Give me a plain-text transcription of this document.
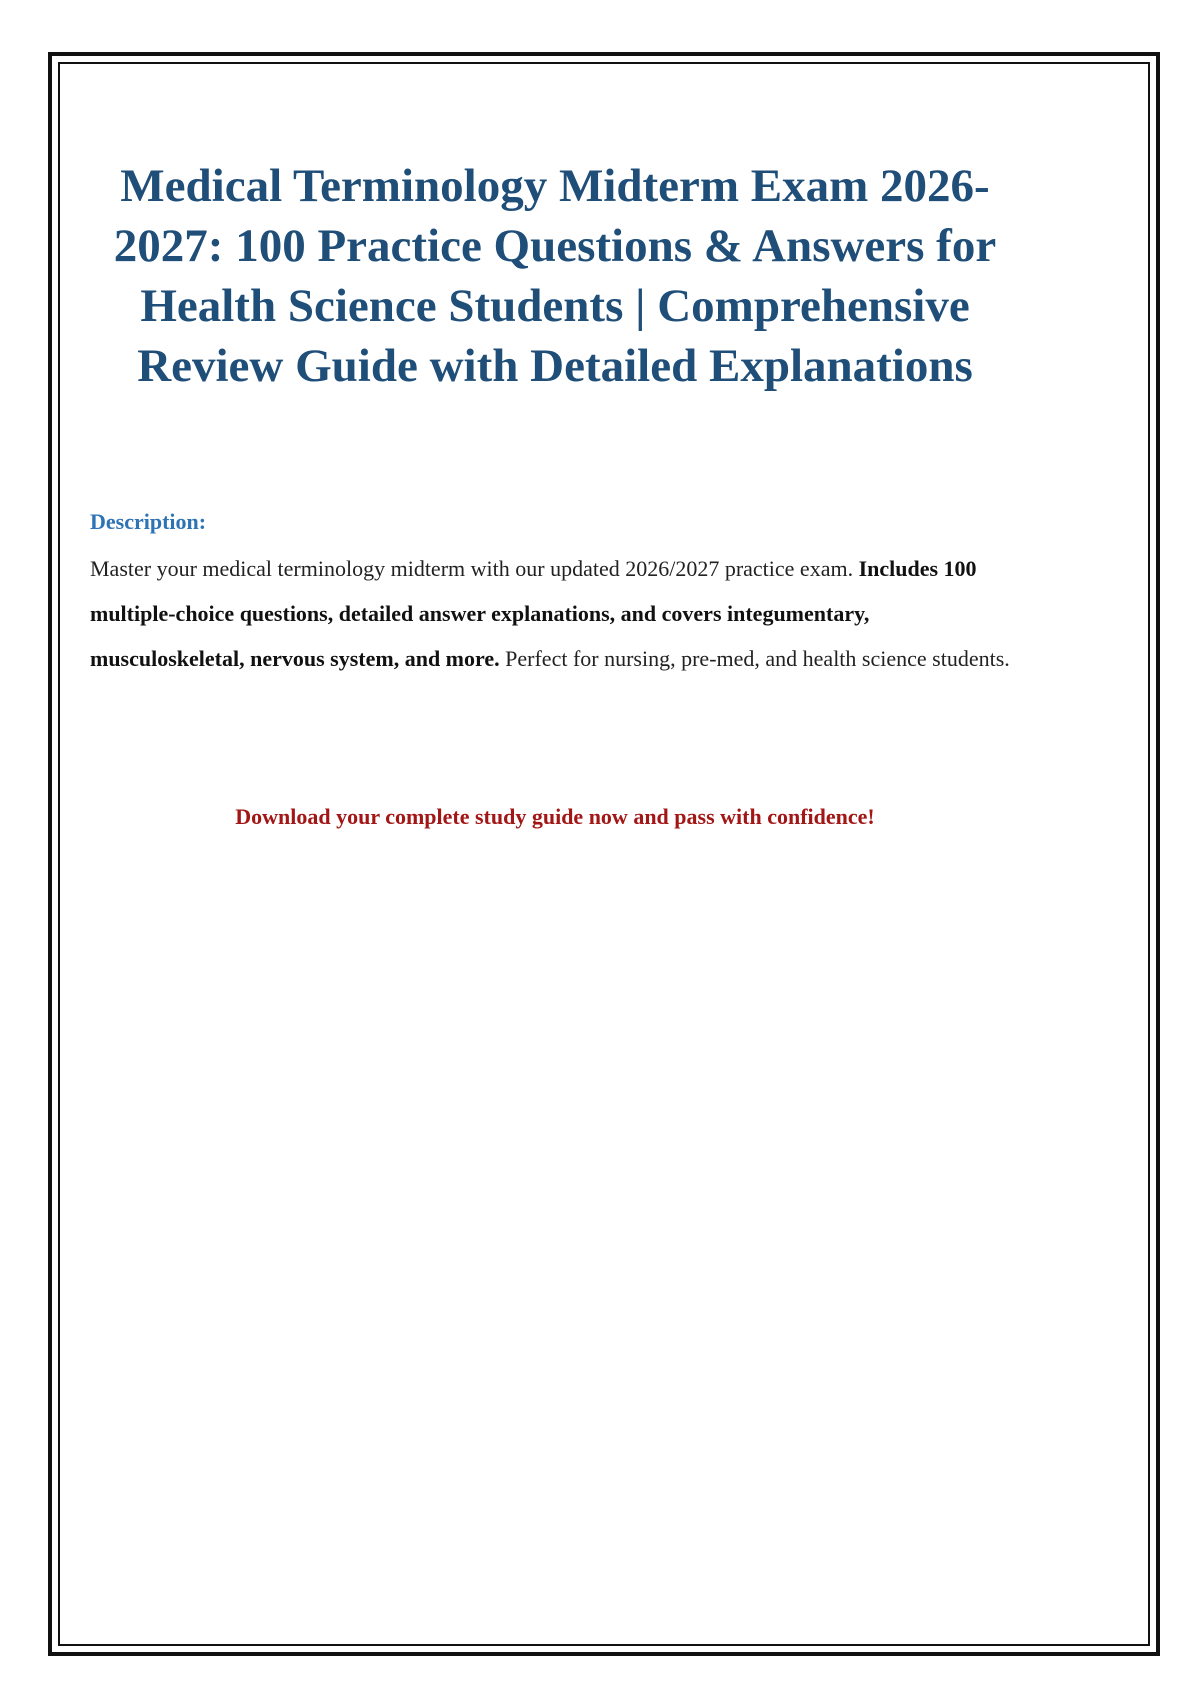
Medical Terminology Midterm Exam 2026-2027: 100 Practice Questions & Answers for Health Science Students | Comprehensive Review Guide with Detailed Explanations
Description:

Master your medical terminology midterm with our updated 2026/2027 practice exam. Includes 100 multiple-choice questions, detailed answer explanations, and covers integumentary, musculoskeletal, nervous system, and more. Perfect for nursing, pre-med, and health science students.

Download your complete study guide now and pass with confidence!
